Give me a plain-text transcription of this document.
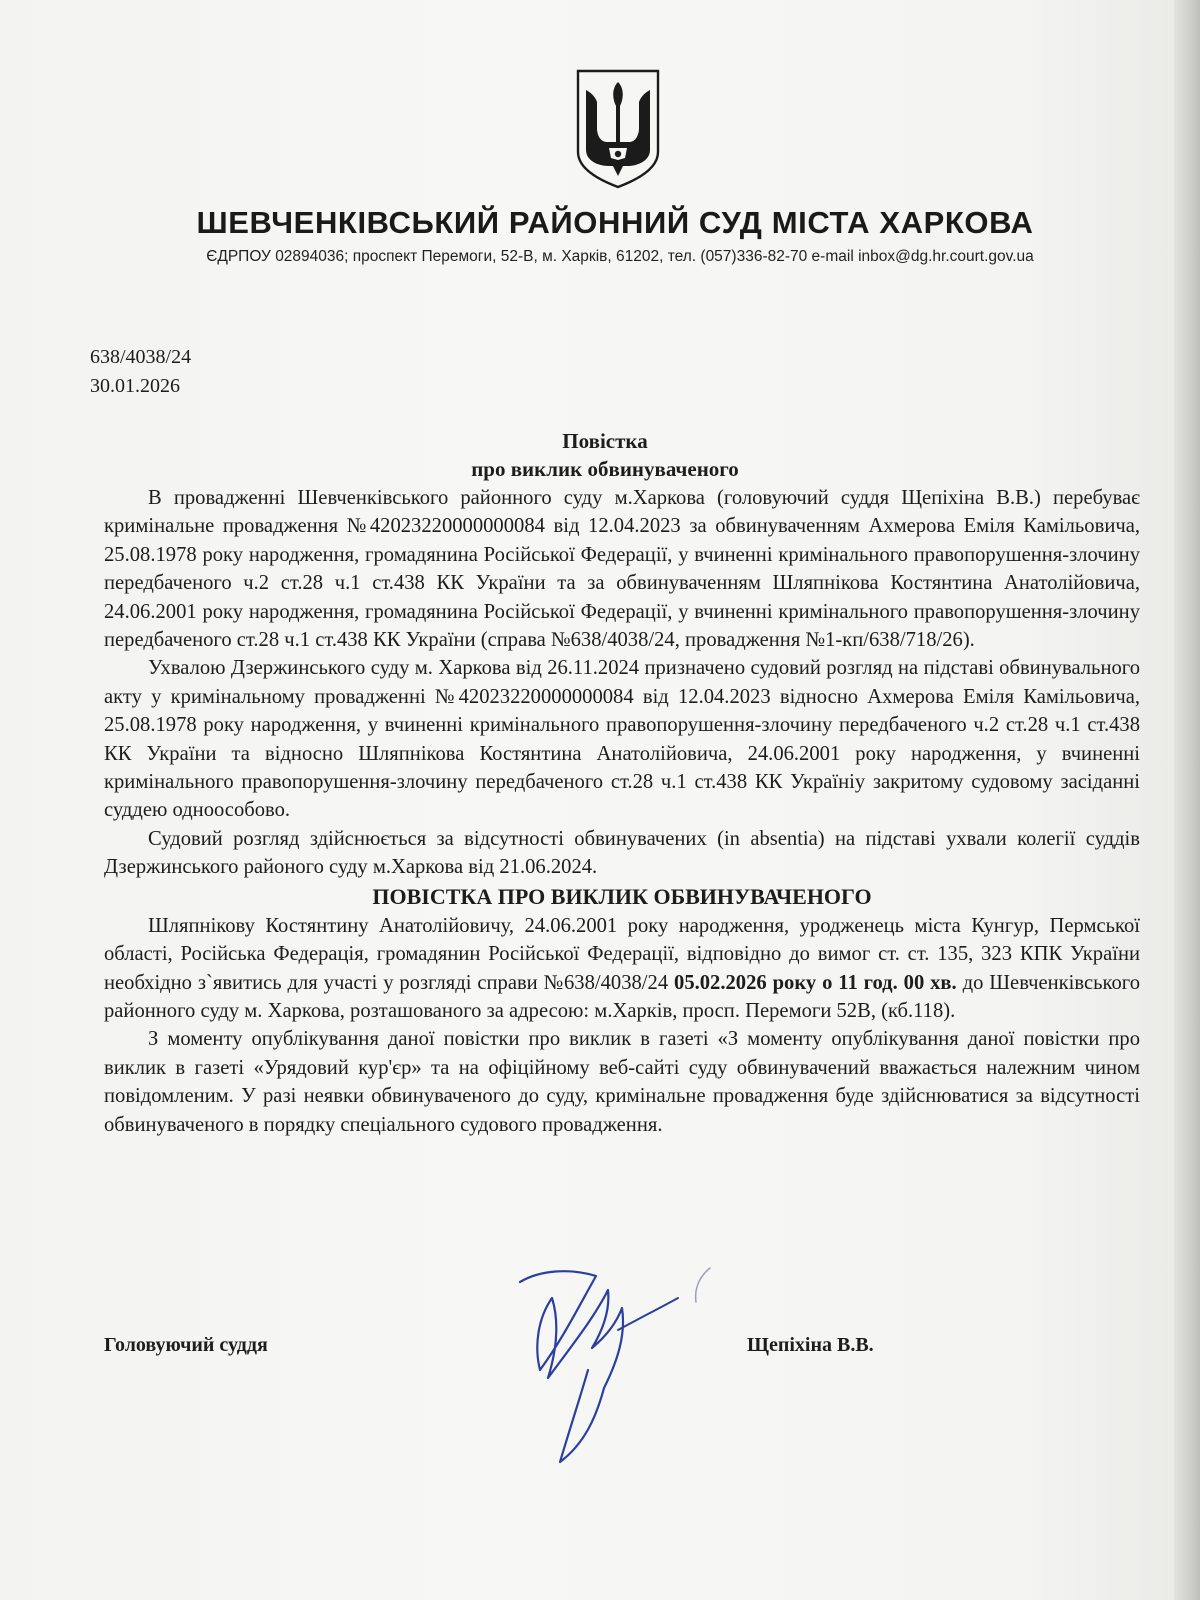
ШЕВЧЕНКІВСЬКИЙ РАЙОННИЙ СУД МІСТА ХАРКОВА
ЄДРПОУ 02894036; проспект Перемоги, 52-В, м. Харків, 61202, тел. (057)336-82-70 e-mail inbox@dg.hr.court.gov.ua
638/4038/24
30.01.2026
Повістка
про виклик обвинуваченого

В провадженні Шевченківського районного суду м.Харкова (головуючий суддя Щепіхіна В.В.) перебуває кримінальне провадження №42023220000000084 від 12.04.2023 за обвинуваченням Ахмерова Еміля Камільовича, 25.08.1978 року народження, громадянина Російської Федерації, у вчиненні кримінального правопорушення-злочину передбаченого ч.2 ст.28 ч.1 ст.438 КК України та за обвинуваченням Шляпнікова Костянтина Анатолійовича, 24.06.2001 року народження, громадянина Російської Федерації, у вчиненні кримінального правопорушення-злочину передбаченого ст.28 ч.1 ст.438 КК України (справа №638/4038/24, провадження №1-кп/638/718/26).

Ухвалою Дзержинського суду м. Харкова від 26.11.2024 призначено судовий розгляд на підставі обвинувального акту у кримінальному провадженні №42023220000000084 від 12.04.2023 відносно Ахмерова Еміля Камільовича, 25.08.1978 року народження, у вчиненні кримінального правопорушення-злочину передбаченого ч.2 ст.28 ч.1 ст.438 КК України та відносно Шляпнікова Костянтина Анатолійовича, 24.06.2001 року народження, у вчиненні кримінального правопорушення-злочину передбаченого ст.28 ч.1 ст.438 КК Українiу закритому судовому засіданні суддею одноособово.

Судовий розгляд здійснюється за відсутності обвинувачених (in absentia) на підставі ухвали колегії суддів Дзержинського районого суду м.Харкова від 21.06.2024.

ПОВІСТКА ПРО ВИКЛИК ОБВИНУВАЧЕНОГО

Шляпнікову Костянтину Анатолійовичу, 24.06.2001 року народження, уродженець міста Кунгур, Пермської області, Російська Федерація, громадянин Російської Федерації, відповідно до вимог ст. ст. 135, 323 КПК України необхідно з`явитись для участі у розгляді справи №638/4038/24 05.02.2026 року о 11 год. 00 хв. до Шевченківського районного суду м. Харкова, розташованого за адресою: м.Харків, просп. Перемоги 52В, (кб.118).

З моменту опублікування даної повістки про виклик в газеті «З моменту опублікування даної повістки про виклик в газеті «Урядовий кур'єр» та на офіційному веб-сайті суду обвинувачений вважається належним чином повідомленим. У разі неявки обвинуваченого до суду, кримінальне провадження буде здійснюватися за відсутності обвинуваченого в порядку спеціального судового провадження.

Головуючий суддя	Щепіхіна В.В.
